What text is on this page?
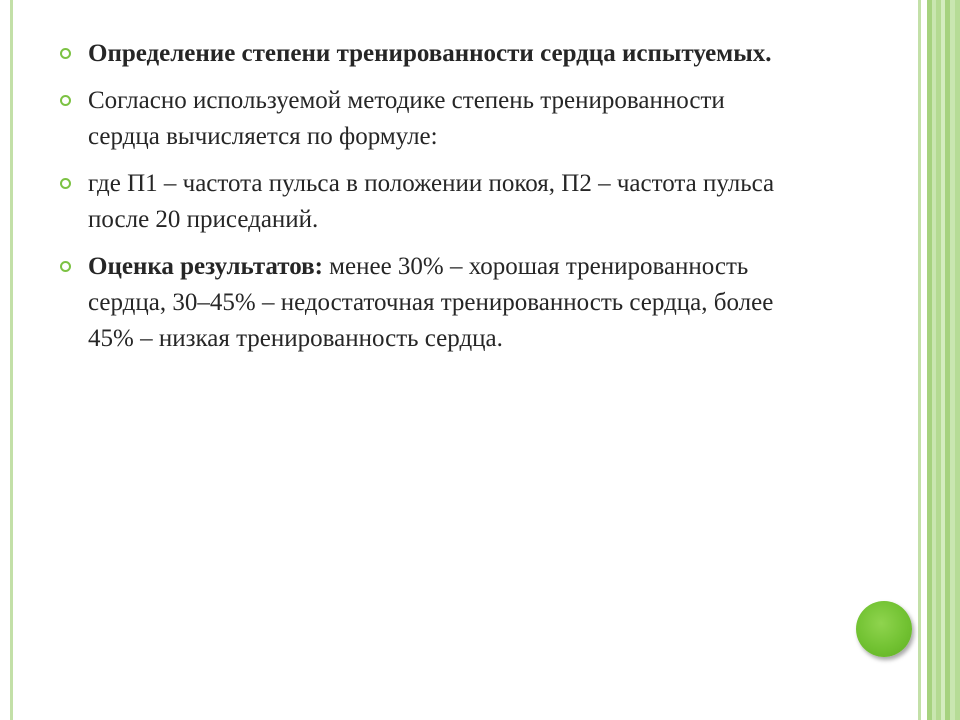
Определение степени тренированности сердца испытуемых.
Согласно используемой методике степень тренированности сердца вычисляется по формуле:
где П1 – частота пульса в положении покоя, П2 – частота пульса после 20 приседаний.
Оценка результатов: менее 30% – хорошая тренированность сердца, 30–45% – недостаточная тренированность сердца, более 45% – низкая тренированность сердца.
